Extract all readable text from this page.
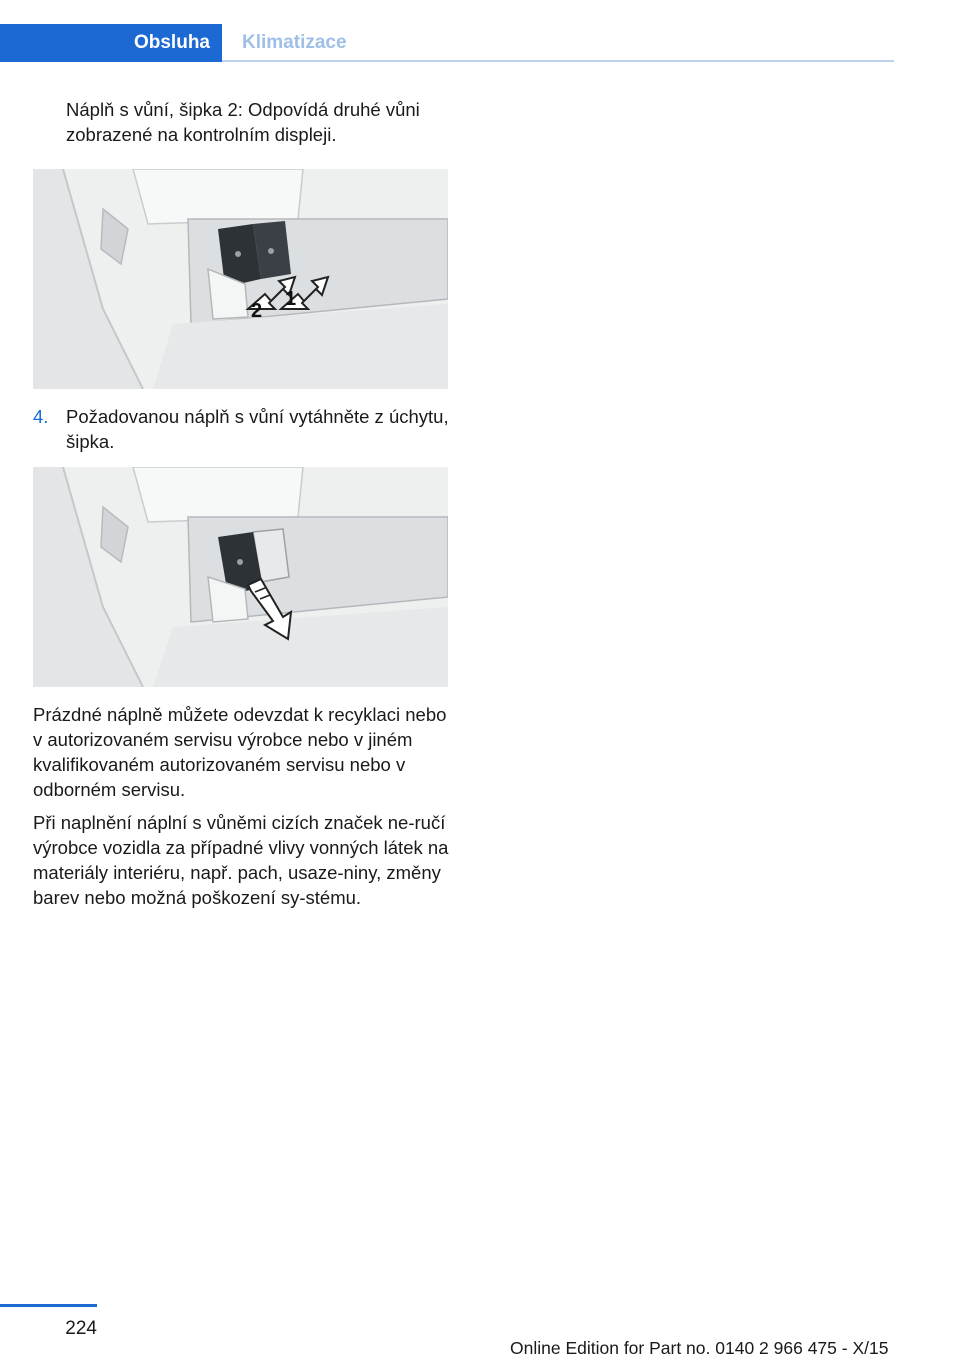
Obsluha	Klimatizace

Náplň s vůní, šipka 2: Odpovídá druhé vůni zobrazené na kontrolním displeji.

2
1
4. Požadovanou náplň s vůní vytáhněte z úchytu, šipka.

Prázdné náplně můžete odevzdat k recyklaci nebo v autorizovaném servisu výrobce nebo v jiném kvalifikovaném autorizovaném servisu nebo v odborném servisu.

Při naplnění náplní s vůněmi cizích značek ne-ručí výrobce vozidla za případné vlivy vonných látek na materiály interiéru, např. pach, usaze-niny, změny barev nebo možná poškození sy-stému.

224
Online Edition for Part no. 0140 2 966 475 - X/15
